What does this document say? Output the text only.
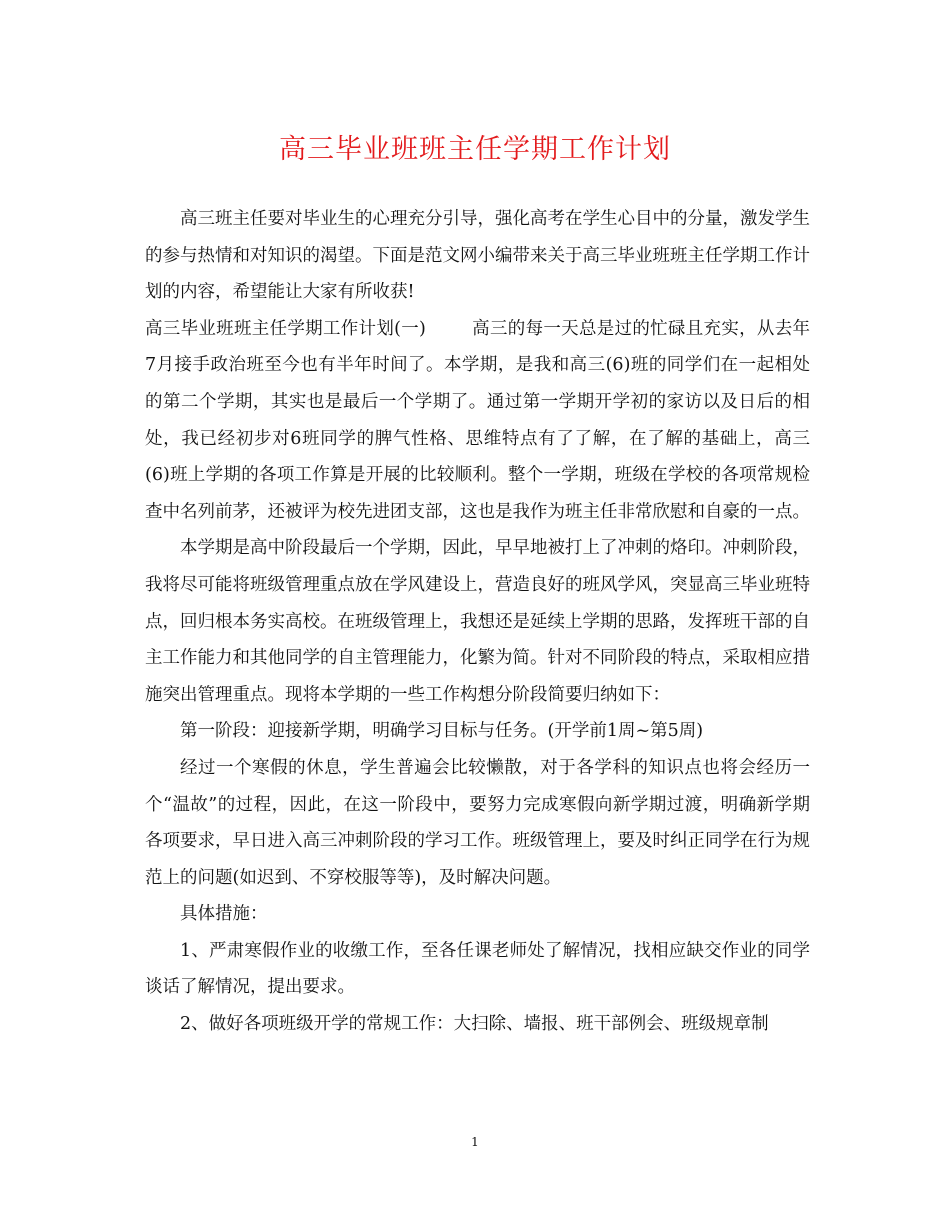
高三毕业班班主任学期工作计划

高三班主任要对毕业生的心理充分引导，强化高考在学生心目中的分量，激发学生的参与热情和对知识的渴望。下面是范文网小编带来关于高三毕业班班主任学期工作计划的内容，希望能让大家有所收获!

高三毕业班班主任学期工作计划(一)	高三的每一天总是过的忙碌且充实，从去年7月接手政治班至今也有半年时间了。本学期，是我和高三(6)班的同学们在一起相处的第二个学期，其实也是最后一个学期了。通过第一学期开学初的家访以及日后的相处，我已经初步对6班同学的脾气性格、思维特点有了了解，在了解的基础上，高三(6)班上学期的各项工作算是开展的比较顺利。整个一学期，班级在学校的各项常规检查中名列前茅，还被评为校先进团支部，这也是我作为班主任非常欣慰和自豪的一点。

本学期是高中阶段最后一个学期，因此，早早地被打上了冲刺的烙印。冲刺阶段，我将尽可能将班级管理重点放在学风建设上，营造良好的班风学风，突显高三毕业班特点，回归根本务实高校。在班级管理上，我想还是延续上学期的思路，发挥班干部的自主工作能力和其他同学的自主管理能力，化繁为简。针对不同阶段的特点，采取相应措施突出管理重点。现将本学期的一些工作构想分阶段简要归纳如下：

第一阶段：迎接新学期，明确学习目标与任务。(开学前1周~第5周)

经过一个寒假的休息，学生普遍会比较懒散，对于各学科的知识点也将会经历一个“温故”的过程，因此，在这一阶段中，要努力完成寒假向新学期过渡，明确新学期各项要求，早日进入高三冲刺阶段的学习工作。班级管理上，要及时纠正同学在行为规范上的问题(如迟到、不穿校服等等)，及时解决问题。

具体措施：

1、严肃寒假作业的收缴工作，至各任课老师处了解情况，找相应缺交作业的同学谈话了解情况，提出要求。

2、做好各项班级开学的常规工作：大扫除、墙报、班干部例会、班级规章制

1
